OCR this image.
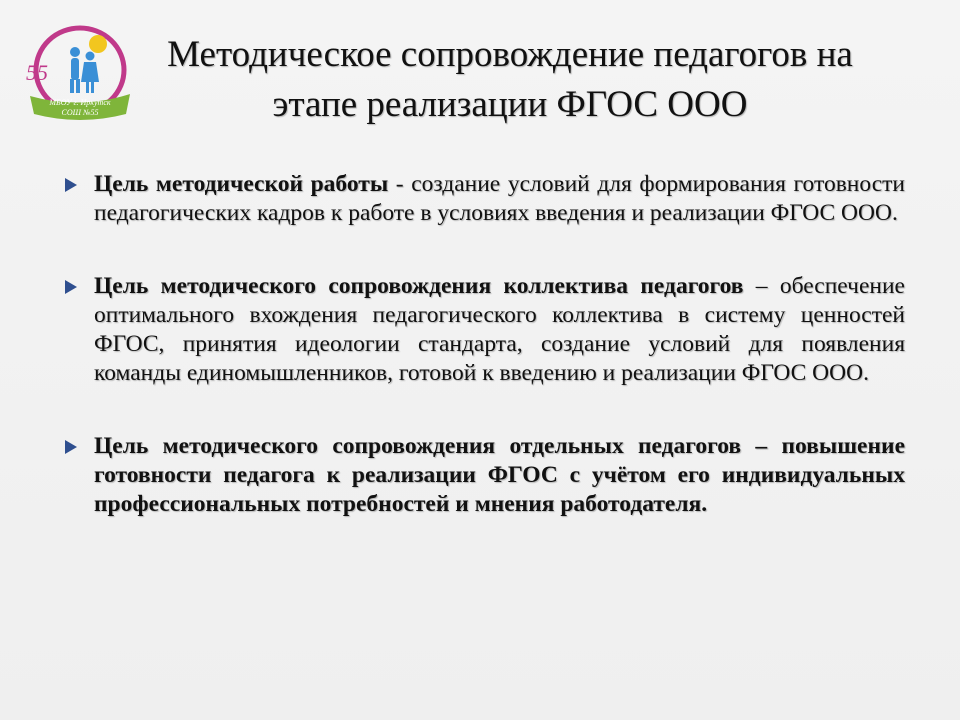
55
МБОУ г. Иркутск
СОШ №55
Методическое сопровождение педагогов на
этапе реализации ФГОС ООО
Цель методической работы - создание условий для формирования готовности педагогических кадров к работе в условиях введения и реализации ФГОС ООО.
Цель методического сопровождения коллектива педагогов – обеспечение оптимального вхождения педагогического коллектива в систему ценностей ФГОС, принятия идеологии стандарта, создание условий для появления команды единомышленников, готовой к введению и реализации ФГОС ООО.
Цель методического сопровождения отдельных педагогов – повышение готовности педагога к реализации ФГОС с учётом его индивидуальных профессиональных потребностей и мнения работодателя.
